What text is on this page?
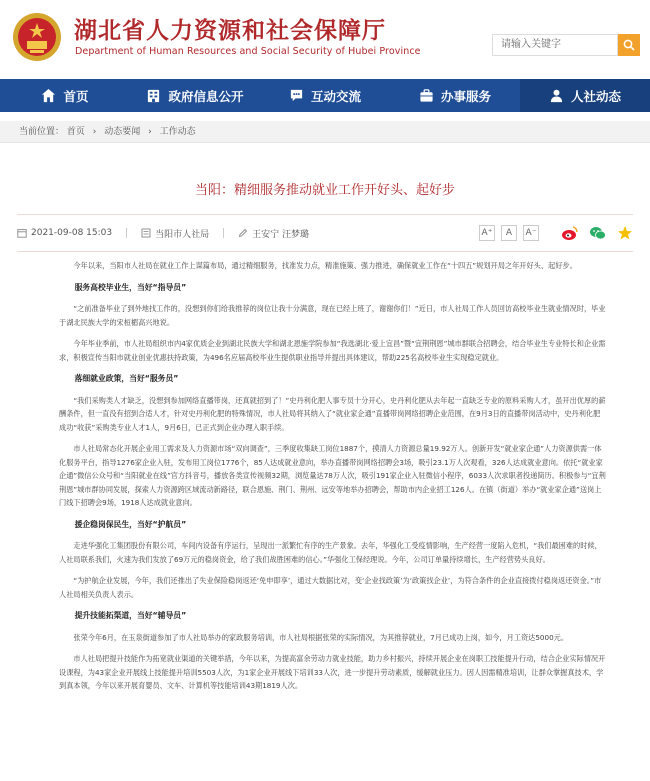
湖北省人力资源和社会保障厅
Department of Human Resources and Social Security of Hubei Province
请输入关键字
首页	政府信息公开	互动交流	办事服务	人社动态
当前位置： 首页 › 动态要闻 › 工作动态
当阳：精细服务推动就业工作开好头、起好步
2021-09-08 15:03	当阳市人社局	王安宁 汪梦璐	A⁺	A	A⁻

今年以来，当阳市人社局在就业工作上谋篇布局，通过精细服务，找准发力点，精准施策、强力推进，确保就业工作在“十四五”规划开局之年开好头、起好步。

服务高校毕业生，当好“指导员”

“之前准备毕业了到外地找工作的，没想到你们给我推荐的岗位让我十分满意，现在已经上班了，谢谢你们！”近日，市人社局工作人员回访高校毕业生就业情况时，毕业于湖北民族大学的宋桓楣高兴地说。

今年毕业季前，市人社局组织市内4家优质企业到湖北民族大学和湖北恩施学院参加“我选湖北·爱上宜昌”暨“宜荆荆恩”城市群联合招聘会，结合毕业生专业特长和企业需求，积极宣传当阳市就业创业优惠扶持政策，为496名应届高校毕业生提供职业指导并提出具体建议，帮助225名高校毕业生实现稳定就业。

落细就业政策，当好“服务员”

“我们采购类人才缺乏，没想到参加网络直播带岗，还真就招到了！”史丹利化肥人事专员十分开心，史丹利化肥从去年起一直缺乏专业的原料采购人才，虽开出优厚的薪酬条件，但一直没有招到合适人才，针对史丹利化肥的特殊情况，市人社局将其纳入了“就业家企通”直播带岗网络招聘企业范围，在9月3日的直播带岗活动中，史丹利化肥成功“收获”采购类专业人才1人，9月6日，已正式到企业办理入职手续。

市人社局常态化开展企业用工需求及人力资源市场“双向调查”，三季度收集缺工岗位1887个，摸清人力资源总量19.92万人。创新开发“就业家企通”人力资源供需一体化服务平台，指导1276家企业入驻，发布用工岗位1776个，85人达成就业意向，举办直播带岗网络招聘会3场，吸引23.1万人次观看，326人达成就业意向。依托“就业家企通”微信公众号和“当阳就业在线”官方抖音号，播放各类宣传视频32期，浏览量达78万人次，吸引191家企业入驻微信小程序，6033人次求职者投递简历。积极参与“宜荆荆恩”城市群协同发展，探索人力资源跨区域流动新路径，联合恩施、荆门、荆州、远安等地举办招聘会，帮助市内企业招工126人。在镇（街道）举办“就业家企通”送岗上门线下招聘会9场，1918人达成就业意向。

援企稳岗保民生，当好“护航员”

走进华强化工集团股份有限公司，车间内设备有序运行，呈现出一派繁忙有序的生产景象。去年，华强化工受疫情影响，生产经营一度陷入危机，“我们最困难的时候，人社局联系我们，火速为我们发放了69万元的稳岗资金，给了我们战胜困难的信心。”华强化工保经理说。今年，公司订单量持续增长，生产经营势头良好。

“为护航企业发展，今年，我们还推出了失业保险稳岗返还‘免申即享’，通过大数据比对，变‘企业找政策’为‘政策找企业’，为符合条件的企业直接拨付稳岗返还资金。”市人社局相关负责人表示。

提升技能拓渠道，当好“辅导员”

张荣今年6月，在玉泉街道参加了市人社局举办的家政服务培训，市人社局根据张荣的实际情况，为其推荐就业，7月已成功上岗，如今，月工资达5000元。

市人社局把提升技能作为拓宽就业渠道的关键举措，今年以来，为提高富余劳动力就业技能，助力乡村振兴，持续开展企业在岗职工技能提升行动，结合企业实际情况开设课程，为43家企业开展线上技能提升培训5503人次，为1家企业开展线下培训33人次，进一步提升劳动素质，缓解就业压力。因人因需精准培训，让群众掌握真技术，学到真本领，今年以来开展育婴员、文车、计算机等技能培训43期1819人次。
